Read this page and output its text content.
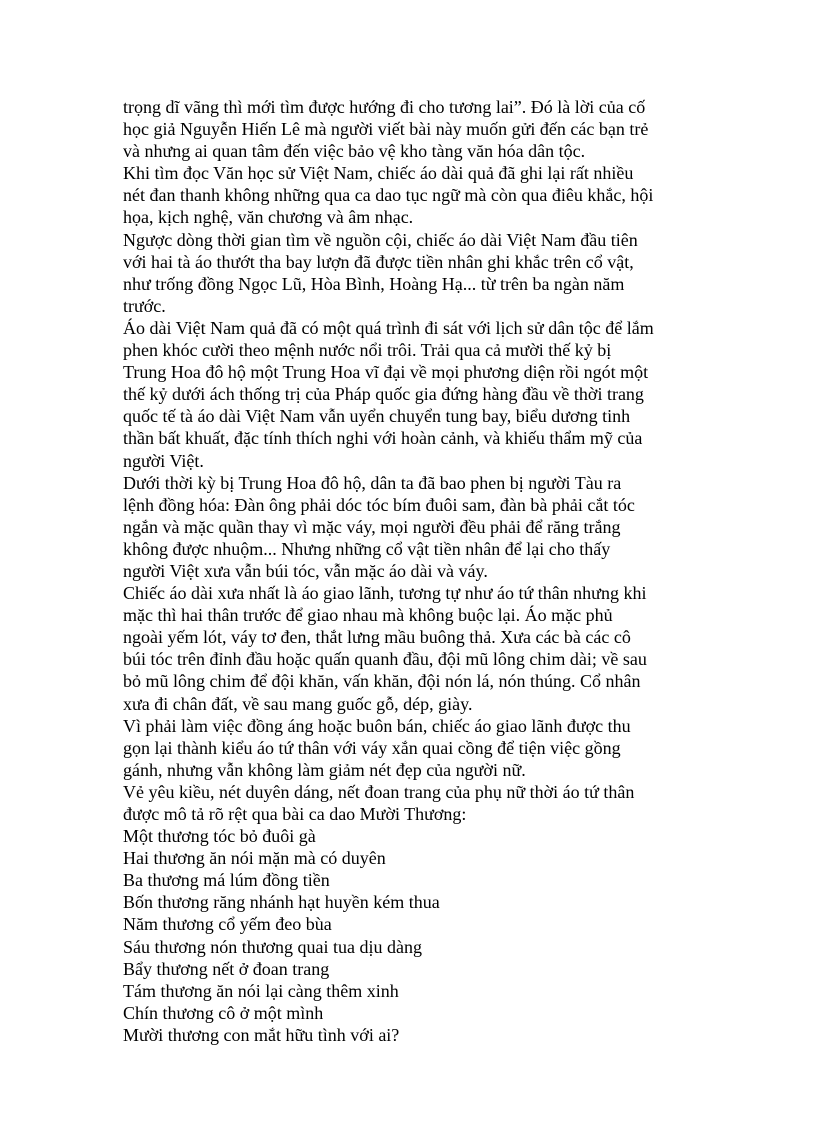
trọng dĩ vãng thì mới tìm được hướng đi cho tương lai”. Đó là lời của cố

học giả Nguyễn Hiến Lê mà người viết bài này muốn gửi đến các bạn trẻ

và nhưng ai quan tâm đến việc bảo vệ kho tàng văn hóa dân tộc.

Khi tìm đọc Văn học sử Việt Nam, chiếc áo dài quả đã ghi lại rất nhiều

nét đan thanh không những qua ca dao tục ngữ mà còn qua điêu khắc, hội

họa, kịch nghệ, văn chương và âm nhạc.

Ngược dòng thời gian tìm về nguồn cội, chiếc áo dài Việt Nam đầu tiên

với hai tà áo thướt tha bay lượn đã được tiền nhân ghi khắc trên cổ vật,

như trống đồng Ngọc Lũ, Hòa Bình, Hoàng Hạ... từ trên ba ngàn năm

trước.

Áo dài Việt Nam quả đã có một quá trình đi sát với lịch sử dân tộc để lắm

phen khóc cười theo mệnh nước nổi trôi. Trải qua cả mười thế kỷ bị

Trung Hoa đô hộ một Trung Hoa vĩ đại về mọi phương diện rồi ngót một

thế kỷ dưới ách thống trị của Pháp quốc gia đứng hàng đầu về thời trang

quốc tế tà áo dài Việt Nam vẫn uyển chuyển tung bay, biểu dương tinh

thần bất khuất, đặc tính thích nghi với hoàn cảnh, và khiếu thẩm mỹ của

người Việt.

Dưới thời kỳ bị Trung Hoa đô hộ, dân ta đã bao phen bị người Tàu ra

lệnh đồng hóa: Đàn ông phải dóc tóc bím đuôi sam, đàn bà phải cắt tóc

ngắn và mặc quần thay vì mặc váy, mọi người đều phải để răng trắng

không được nhuộm... Nhưng những cổ vật tiền nhân để lại cho thấy

người Việt xưa vẫn búi tóc, vẫn mặc áo dài và váy.

Chiếc áo dài xưa nhất là áo giao lãnh, tương tự như áo tứ thân nhưng khi

mặc thì hai thân trước để giao nhau mà không buộc lại. Áo mặc phủ

ngoài yếm lót, váy tơ đen, thắt lưng mầu buông thả. Xưa các bà các cô

búi tóc trên đỉnh đầu hoặc quấn quanh đầu, đội mũ lông chim dài; về sau

bỏ mũ lông chim để đội khăn, vấn khăn, đội nón lá, nón thúng. Cổ nhân

xưa đi chân đất, về sau mang guốc gỗ, dép, giày.

Vì phải làm việc đồng áng hoặc buôn bán, chiếc áo giao lãnh được thu

gọn lại thành kiểu áo tứ thân với váy xắn quai cồng để tiện việc gồng

gánh, nhưng vẫn không làm giảm nét đẹp của người nữ.

Vẻ yêu kiều, nét duyên dáng, nết đoan trang của phụ nữ thời áo tứ thân

được mô tả rõ rệt qua bài ca dao Mười Thương:

Một thương tóc bỏ đuôi gà

Hai thương ăn nói mặn mà có duyên

Ba thương má lúm đồng tiền

Bốn thương răng nhánh hạt huyền kém thua

Năm thương cổ yếm đeo bùa

Sáu thương nón thương quai tua dịu dàng

Bẩy thương nết ở đoan trang

Tám thương ăn nói lại càng thêm xinh

Chín thương cô ở một mình

Mười thương con mắt hữu tình với ai?
